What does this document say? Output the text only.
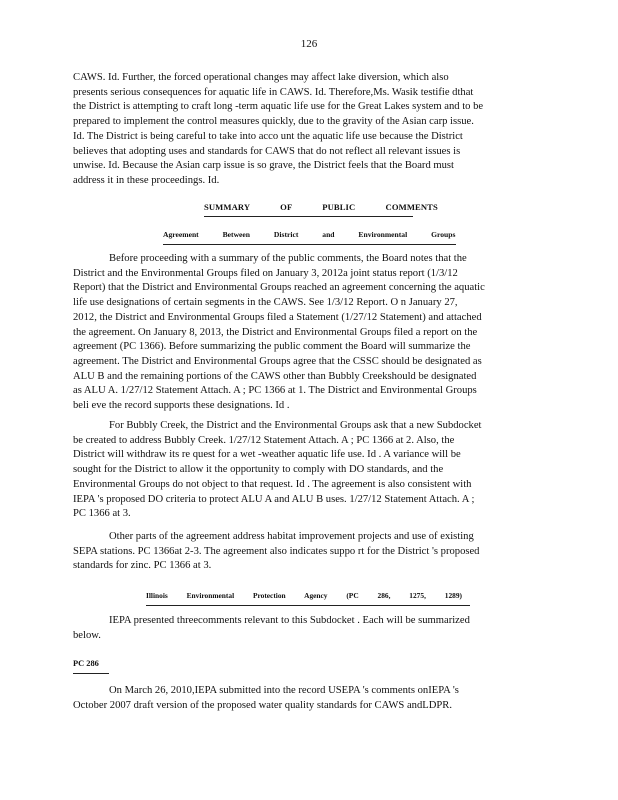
126
CAWS. Id. Further, the forced operational changes may affect lake diversion, which also
presents serious consequences for aquatic life in CAWS. Id. Therefore,Ms. Wasik testifie dthat
the District is attempting to craft long -term aquatic life use for the Great Lakes system and to be
prepared to implement the control measures quickly, due to the gravity of the Asian carp issue.
Id. The District is being careful to take into acco unt the aquatic life use because the District
believes that adopting uses and standards for CAWS that do not reflect all relevant issues is
unwise. Id. Because the Asian carp issue is so grave, the District feels that the Board must
address it in these proceedings. Id.
SUMMARY OF PUBLIC COMMENTS
Agreement Between District and Environmental Groups
Before proceeding with a summary of the public comments, the Board notes that the
District and the Environmental Groups filed on January 3, 2012a joint status report (1/3/12
Report) that the District and Environmental Groups reached an agreement concerning the aquatic
life use designations of certain segments in the CAWS. See 1/3/12 Report. O n January 27,
2012, the District and Environmental Groups filed a Statement (1/27/12 Statement) and attached
the agreement. On January 8, 2013, the District and Environmental Groups filed a report on the
agreement (PC 1366). Before summarizing the public comment the Board will summarize the
agreement. The District and Environmental Groups agree that the CSSC should be designated as
ALU B and the remaining portions of the CAWS other than Bubbly Creekshould be designated
as ALU A. 1/27/12 Statement Attach. A ; PC 1366 at 1. The District and Environmental Groups
beli eve the record supports these designations. Id .
For Bubbly Creek, the District and the Environmental Groups ask that a new Subdocket
be created to address Bubbly Creek. 1/27/12 Statement Attach. A ; PC 1366 at 2. Also, the
District will withdraw its re quest for a wet -weather aquatic life use. Id . A variance will be
sought for the District to allow it the opportunity to comply with DO standards, and the
Environmental Groups do not object to that request. Id . The agreement is also consistent with
IEPA 's proposed DO criteria to protect ALU A and ALU B uses. 1/27/12 Statement Attach. A ;
PC 1366 at 3.
Other parts of the agreement address habitat improvement projects and use of existing
SEPA stations. PC 1366at 2-3. The agreement also indicates suppo rt for the District 's proposed
standards for zinc. PC 1366 at 3.
Illinois Environmental Protection Agency (PC 286, 1275, 1289)
IEPA presented threecomments relevant to this Subdocket . Each will be summarized
below.
PC 286
On March 26, 2010,IEPA submitted into the record USEPA 's comments onIEPA 's
October 2007 draft version of the proposed water quality standards for CAWS andLDPR.
